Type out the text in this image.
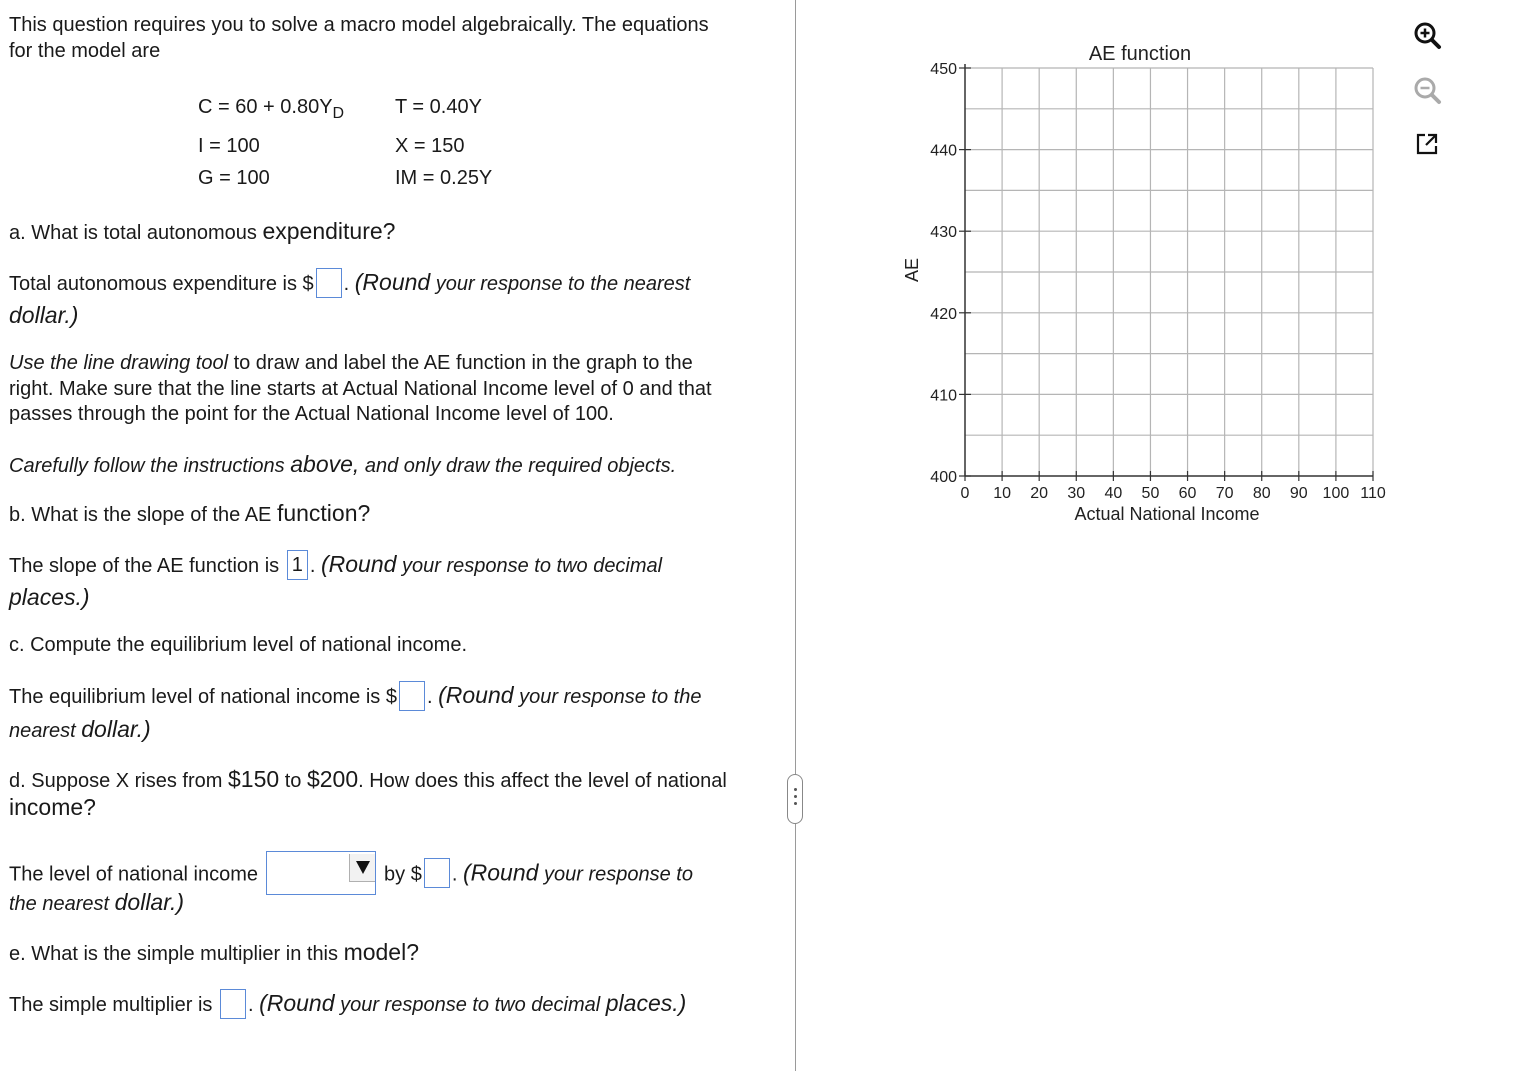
This question requires you to solve a macro model algebraically. The equations
for the model are
$C = 60 + 0.80Y_D$	T = 0.40Y
I = 100	X = 150
G = 100	IM = 0.25Y
a. What is total autonomous expenditure?
Total autonomous expenditure is $ . (Round your response to the nearest
dollar.)
Use the line drawing tool to draw and label the AE function in the graph to the
right. Make sure that the line starts at Actual National Income level of 0 and that
passes through the point for the Actual National Income level of 100.
Carefully follow the instructions above, and only draw the required objects.
b. What is the slope of the AE function?
The slope of the AE function is 1 . (Round your response to two decimal
places.)
c. Compute the equilibrium level of national income.
The equilibrium level of national income is $ . (Round your response to the
nearest dollar.)
d. Suppose X rises from $150 to $200. How does this affect the level of national
income?
The level of national income	by $ . (Round your response to
the nearest dollar.)
e. What is the simple multiplier in this model?
The simple multiplier is . (Round your response to two decimal places.)
AE function
0 10 20 30 40 50 60 70 80 90 100 110
400
410
420
430
440
450
Actual National Income
AE
